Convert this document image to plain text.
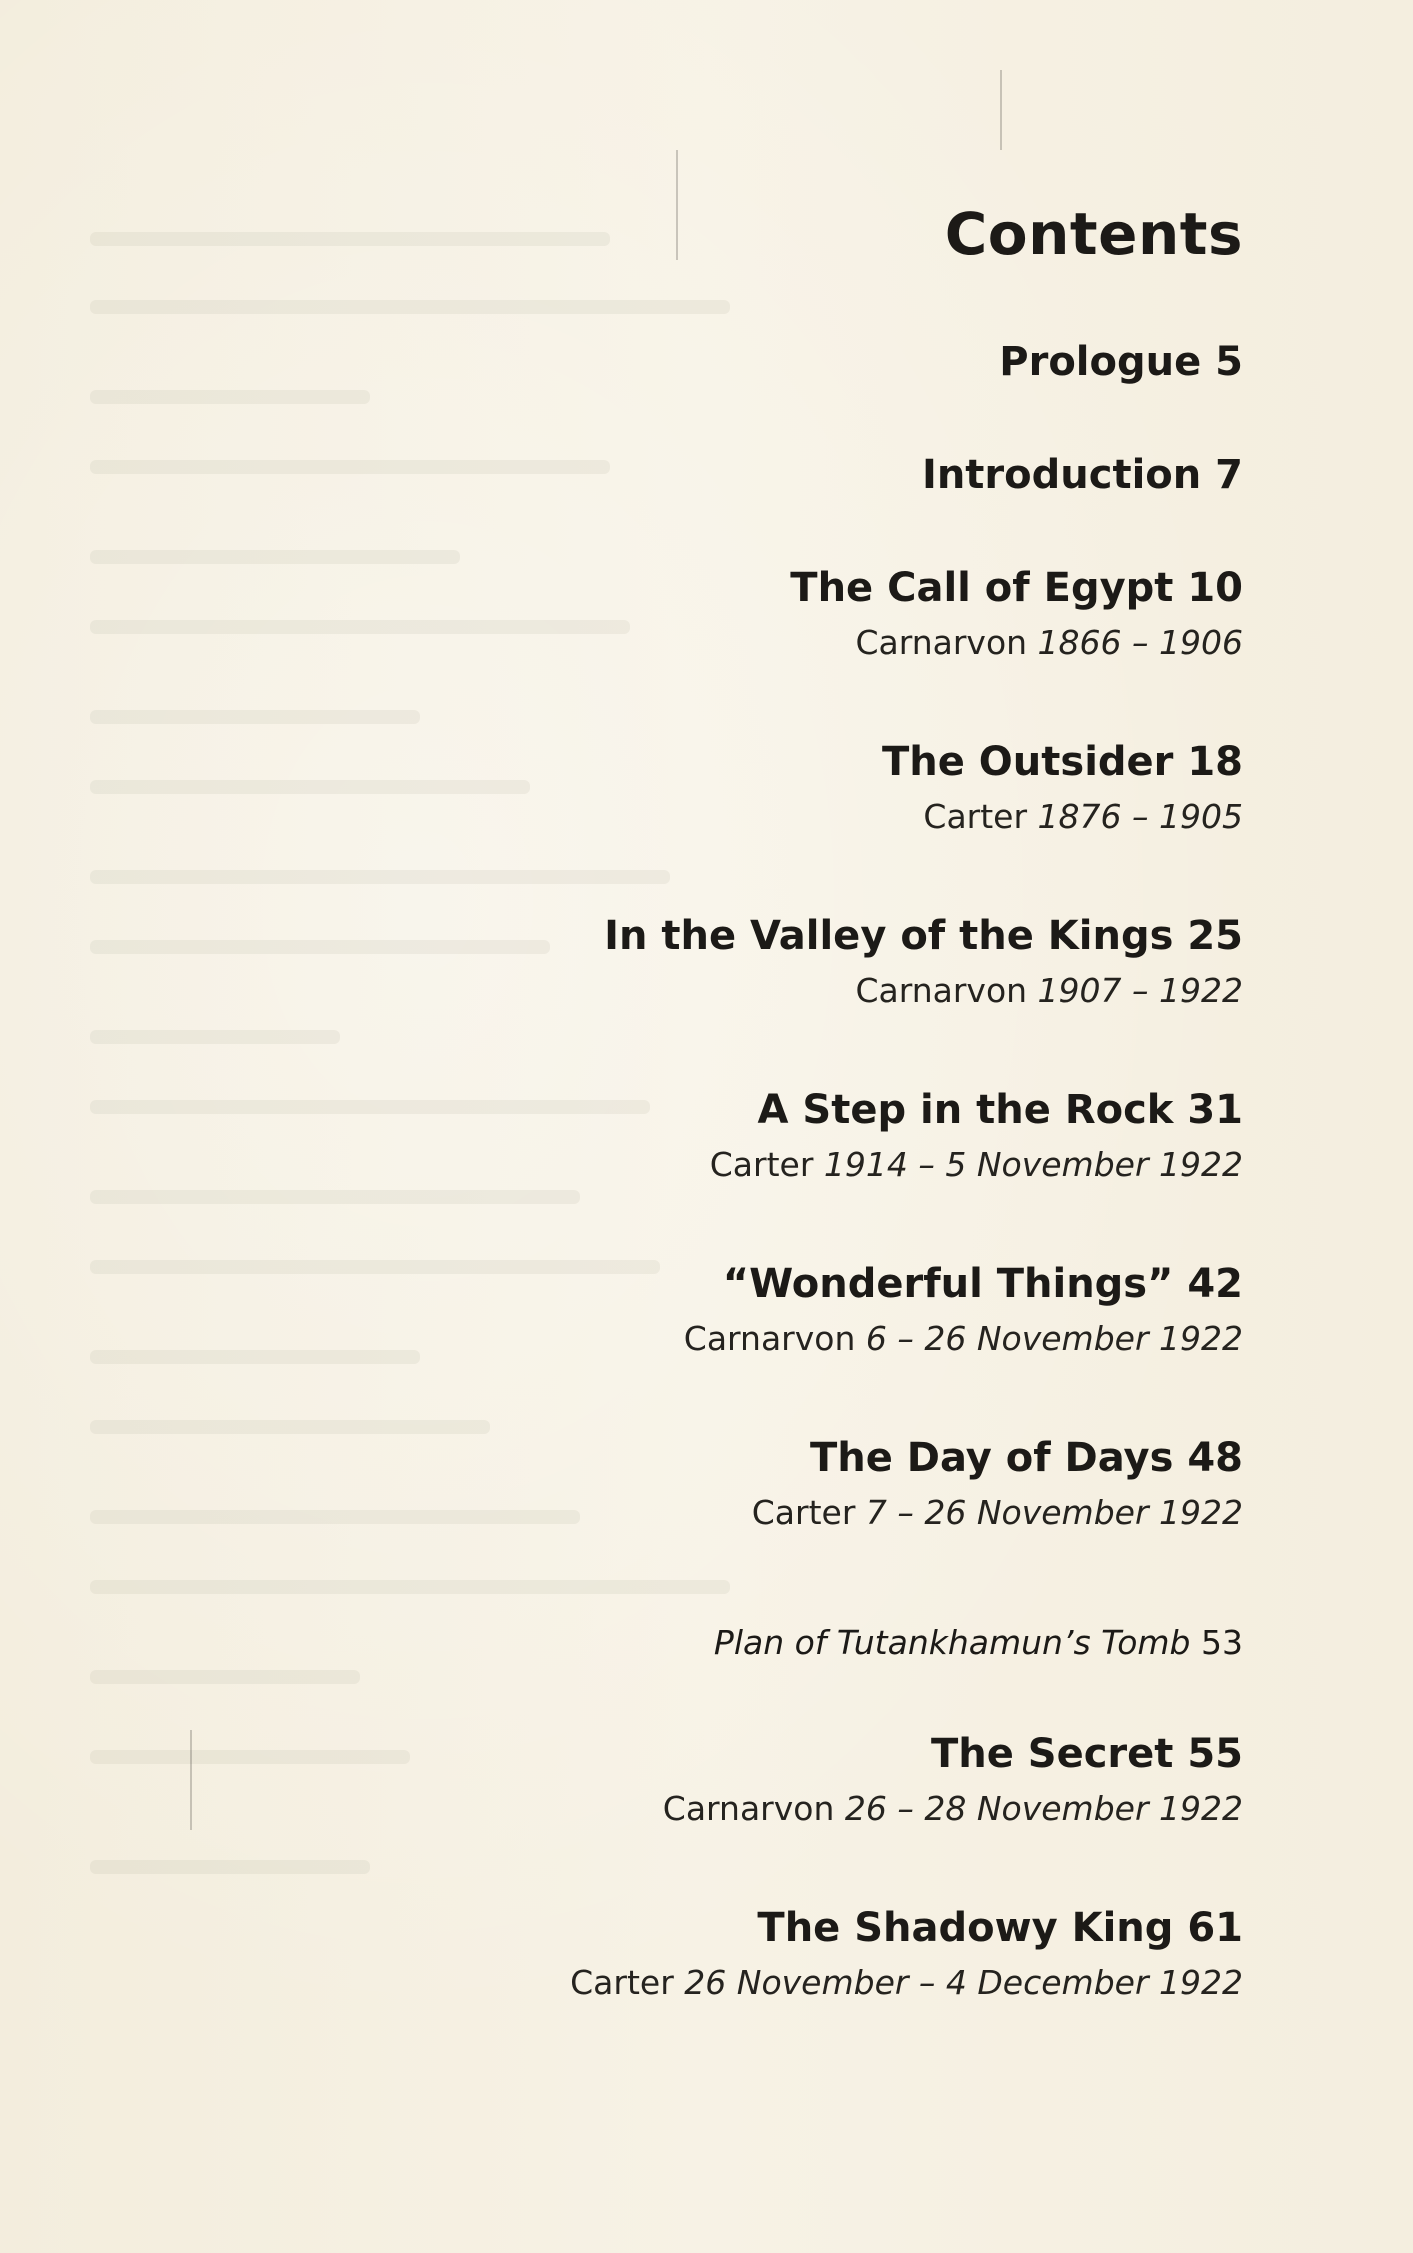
Contents
Prologue 5
Introduction 7
The Call of Egypt 10
Carnarvon 1866 – 1906
The Outsider 18
Carter 1876 – 1905
In the Valley of the Kings 25
Carnarvon 1907 – 1922
A Step in the Rock 31
Carter 1914 – 5 November 1922
“Wonderful Things” 42
Carnarvon 6 – 26 November 1922
The Day of Days 48
Carter 7 – 26 November 1922
Plan of Tutankhamun’s Tomb 53
The Secret 55
Carnarvon 26 – 28 November 1922
The Shadowy King 61
Carter 26 November – 4 December 1922
